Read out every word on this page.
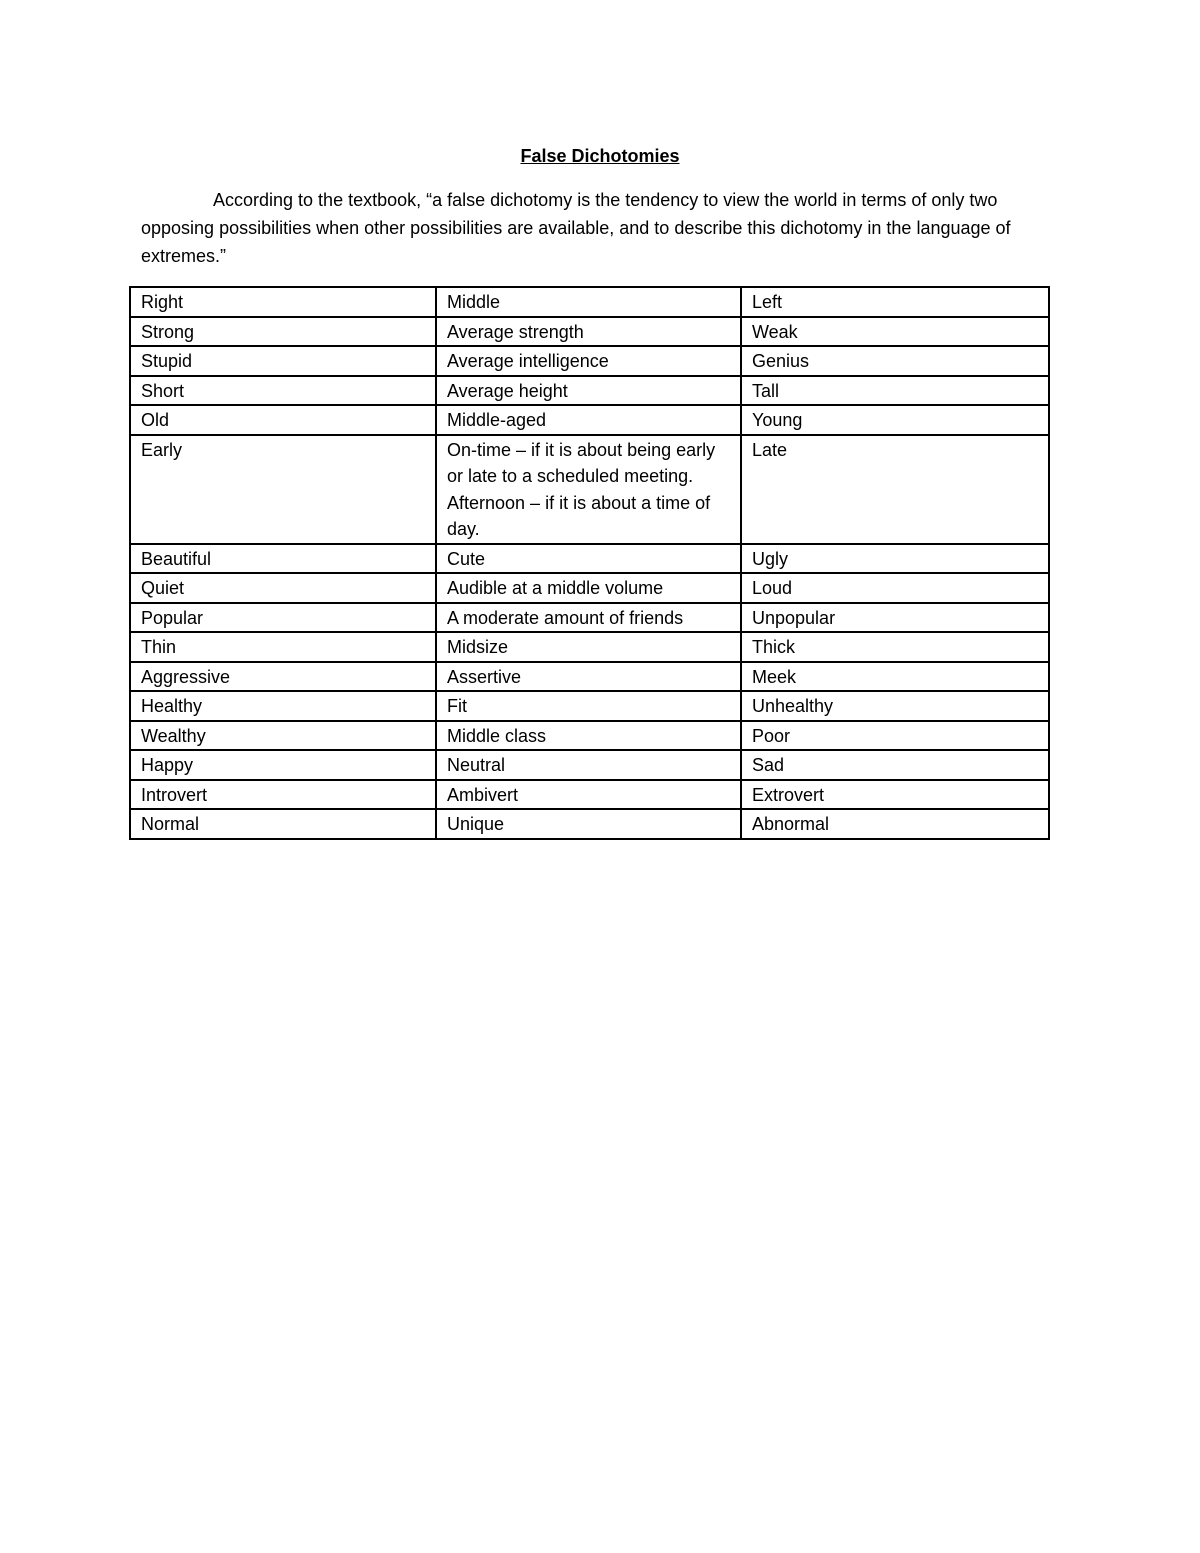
False Dichotomies

According to the textbook, “a false dichotomy is the tendency to view the world in terms of only two opposing possibilities when other possibilities are available, and to describe this dichotomy in the language of extremes.”

Right	Middle	Left

Strong	Average strength	Weak

Stupid	Average intelligence	Genius

Short	Average height	Tall

Old	Middle-aged	Young

Early	On-time – if it is about being early or late to a scheduled meeting.
Afternoon – if it is about a time of day.	Late

Beautiful	Cute	Ugly

Quiet	Audible at a middle volume	Loud

Popular	A moderate amount of friends	Unpopular

Thin	Midsize	Thick

Aggressive	Assertive	Meek

Healthy	Fit	Unhealthy

Wealthy	Middle class	Poor

Happy	Neutral	Sad

Introvert	Ambivert	Extrovert

Normal	Unique	Abnormal
